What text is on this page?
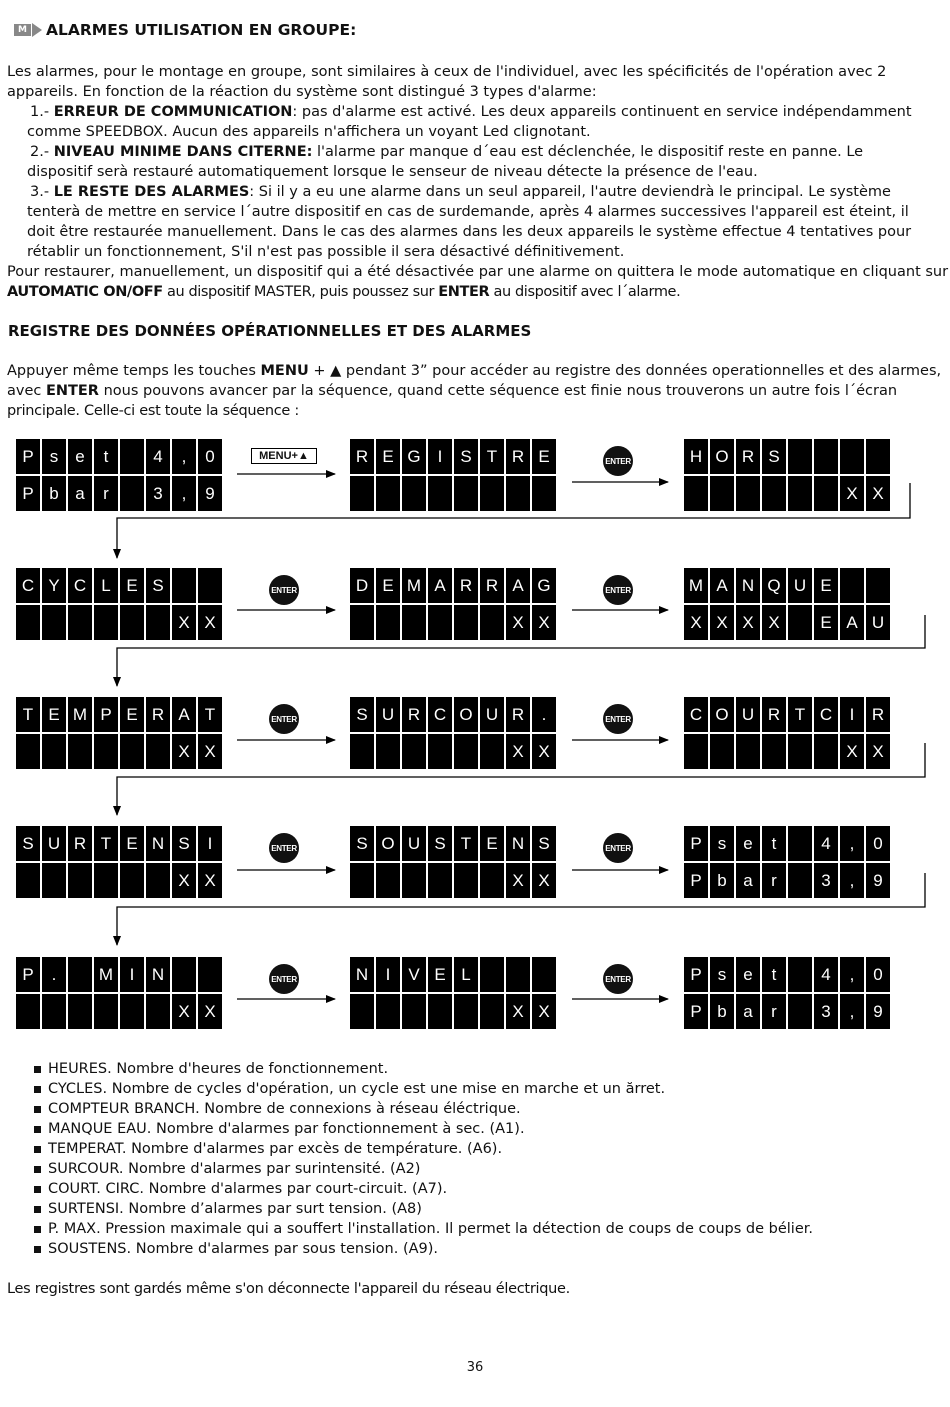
M ALARMES UTILISATION EN GROUPE:
Les alarmes, pour le montage en groupe, sont similaires à ceux de l'individuel, avec les spécificités de l'opération avec 2
appareils. En fonction de la réaction du système sont distingué 3 types d'alarme:
1.- ERREUR DE COMMUNICATION: pas d'alarme est activé. Les deux appareils continuent en service indépendamment
comme SPEEDBOX. Aucun des appareils n'affichera un voyant Led clignotant.
2.- NIVEAU MINIME DANS CITERNE: l'alarme par manque d´eau est déclenchée, le dispositif reste en panne. Le
dispositif serà restauré automatiquement lorsque le senseur de niveau détecte la présence de l'eau.
3.- LE RESTE DES ALARMES: Si il y a eu une alarme dans un seul appareil, l'autre deviendrà le principal. Le système
tenterà de mettre en service l´autre dispositif en cas de surdemande, après 4 alarmes successives l'appareil est éteint, il
doit être restaurée manuellement. Dans le cas des alarmes dans les deux appareils le système effectue 4 tentatives pour
rétablir un fonctionnement, S'il n'est pas possible il sera désactivé définitivement.
Pour restaurer, manuellement, un dispositif qui a été désactivée par une alarme on quittera le mode automatique en cliquant sur
AUTOMATIC ON/OFF au dispositif MASTER, puis poussez sur ENTER au dispositif avec l´alarme.
REGISTRE DES DONNÉES OPÉRATIONNELLES ET DES ALARMES
Appuyer même temps les touches MENU + ▲ pendant 3” pour accéder au registre des données operationnelles et des alarmes,
avec ENTER nous pouvons avancer par la séquence, quand cette séquence est finie nous trouverons un autre fois l´écran
principale. Celle-ci est toute la séquence :
MENU+▲	ENTER
ENTER	ENTER
ENTER	ENTER
ENTER	ENTER
ENTER	ENTER
P s	e	t	4	,	0
P b a	r	3	,	9
R E G	I	S T R E	H O R S
X X
C Y C L E S
X X
D E M A R R A G
X X
M A N Q U E
X X X X	E A U
T E M P E R A T
X X
S U R C O U R	.
X X
C O U R T C	I	R
X X
S U R T E N S	I
X X
S O U S T E N S
X X
P s	e	t	4	,	0
P b a	r	3	,	9
P	.	M I	N
X X
N	I	V E L
X X
P s	e	t	4	,	0
P b a	r	3	,	9
HEURES. Nombre d'heures de fonctionnement.
CYCLES. Nombre de cycles d'opération, un cycle est une mise en marche et un ărret.
COMPTEUR BRANCH. Nombre de connexions à réseau éléctrique.
MANQUE EAU. Nombre d'alarmes par fonctionnement à sec. (A1).
TEMPERAT. Nombre d'alarmes par excès de température. (A6).
SURCOUR. Nombre d'alarmes par surintensité. (A2)
COURT. CIRC. Nombre d'alarmes par court-circuit. (A7).
SURTENSI. Nombre d’alarmes par surt tension. (A8)
P. MAX. Pression maximale qui a souffert l'installation. Il permet la détection de coups de coups de bélier.
SOUSTENS. Nombre d'alarmes par sous tension. (A9).
Les registres sont gardés même s'on déconnecte l'appareil du réseau électrique.
36
